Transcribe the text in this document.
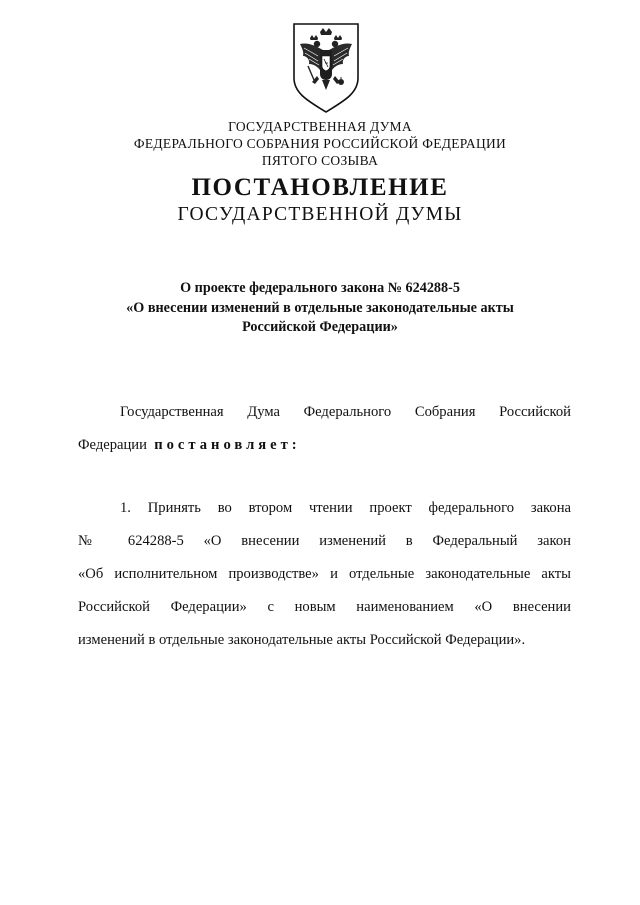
ГОСУДАРСТВЕННАЯ ДУМА
ФЕДЕРАЛЬНОГО СОБРАНИЯ РОССИЙСКОЙ ФЕДЕРАЦИИ
ПЯТОГО СОЗЫВА
ПОСТАНОВЛЕНИЕ
ГОСУДАРСТВЕННОЙ ДУМЫ
О проекте федерального закона № 624288-5
«О внесении изменений в отдельные законодательные акты
Российской Федерации»
Государственная Дума Федерального Собрания Российской
Федерации постановляет:
1. Принять во втором чтении проект федерального закона
№ 624288-5 «О внесении изменений в Федеральный закон
«Об исполнительном производстве» и отдельные законодательные акты
Российской Федерации» с новым наименованием «О внесении
изменений в отдельные законодательные акты Российской Федерации».
